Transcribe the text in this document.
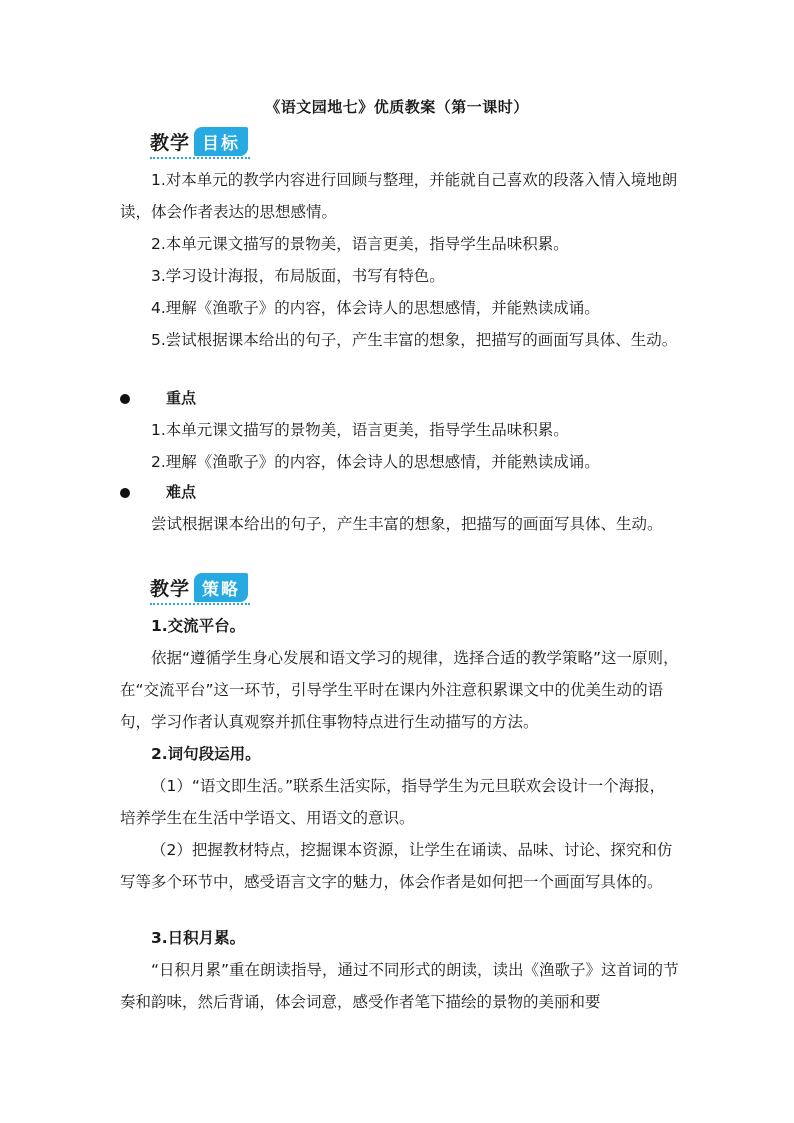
《语文园地七》优质教案（第一课时）
教学 目标

1.对本单元的教学内容进行回顾与整理，并能就自己喜欢的段落入情入境地朗读，体会作者表达的思想感情。

2.本单元课文描写的景物美，语言更美，指导学生品味积累。

3.学习设计海报，布局版面，书写有特色。

4.理解《渔歌子》的内容，体会诗人的思想感情，并能熟读成诵。

5.尝试根据课本给出的句子，产生丰富的想象，把描写的画面写具体、生动。

重点

1.本单元课文描写的景物美，语言更美，指导学生品味积累。

2.理解《渔歌子》的内容，体会诗人的思想感情，并能熟读成诵。

难点

尝试根据课本给出的句子，产生丰富的想象，把描写的画面写具体、生动。

教学 策略

1.交流平台。

依据“遵循学生身心发展和语文学习的规律，选择合适的教学策略”这一原则，在“交流平台”这一环节，引导学生平时在课内外注意积累课文中的优美生动的语句，学习作者认真观察并抓住事物特点进行生动描写的方法。

2.词句段运用。

（1）“语文即生活。”联系生活实际，指导学生为元旦联欢会设计一个海报，培养学生在生活中学语文、用语文的意识。

（2）把握教材特点，挖掘课本资源，让学生在诵读、品味、讨论、探究和仿写等多个环节中，感受语言文字的魅力，体会作者是如何把一个画面写具体的。

3.日积月累。

“日积月累”重在朗读指导，通过不同形式的朗读，读出《渔歌子》这首词的节奏和韵味，然后背诵，体会词意，感受作者笔下描绘的景物的美丽和要
